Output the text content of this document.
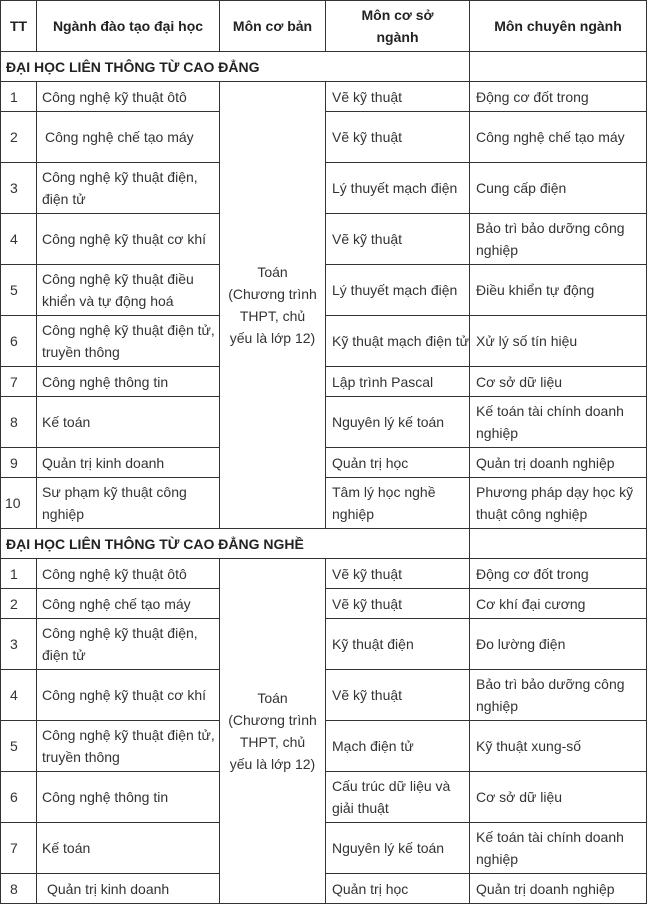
TT	Ngành đào tạo đại học	Môn cơ bản	Môn cơ sở ngành	Môn chuyên ngành
ĐẠI HỌC LIÊN THÔNG TỪ CAO ĐẲNG				
1	Công nghệ kỹ thuật ôtô	Toán (Chương trình THPT, chủ yếu là lớp 12)	Vẽ kỹ thuật	Động cơ đốt trong
2	Công nghệ chế tạo máy		Vẽ kỹ thuật	Công nghệ chế tạo máy
3	Công nghệ kỹ thuật điện, điện tử		Lý thuyết mạch điện	Cung cấp điện
4	Công nghệ kỹ thuật cơ khí		Vẽ kỹ thuật	Bảo trì bảo dưỡng công nghiệp
5	Công nghệ kỹ thuật điều khiển và tự động hoá		Lý thuyết mạch điện	Điều khiển tự động
6	Công nghệ kỹ thuật điện tử, truyền thông		Kỹ thuật mạch điện tử	Xử lý số tín hiệu
7	Công nghệ thông tin		Lập trình Pascal	Cơ sở dữ liệu
8	Kế toán		Nguyên lý kế toán	Kế toán tài chính doanh nghiệp
9	Quản trị kinh doanh		Quản trị học	Quản trị doanh nghiệp
10	Sư phạm kỹ thuật công nghiệp		Tâm lý học nghề nghiệp	Phương pháp dạy học kỹ thuật công nghiệp
ĐẠI HỌC LIÊN THÔNG TỪ CAO ĐẲNG NGHỀ				
1	Công nghệ kỹ thuật ôtô	Toán (Chương trình THPT, chủ yếu là lớp 12)	Vẽ kỹ thuật	Động cơ đốt trong
2	Công nghệ chế tạo máy		Vẽ kỹ thuật	Cơ khí đại cương
3	Công nghệ kỹ thuật điện, điện tử		Kỹ thuật điện	Đo lường điện
4	Công nghệ kỹ thuật cơ khí		Vẽ kỹ thuật	Bảo trì bảo dưỡng công nghiệp
5	Công nghệ kỹ thuật điện tử, truyền thông		Mạch điện tử	Kỹ thuật xung-số
6	Công nghệ thông tin		Cấu trúc dữ liệu và giải thuật	Cơ sở dữ liệu
7	Kế toán		Nguyên lý kế toán	Kế toán tài chính doanh nghiệp
8	Quản trị kinh doanh		Quản trị học	Quản trị doanh nghiệp
